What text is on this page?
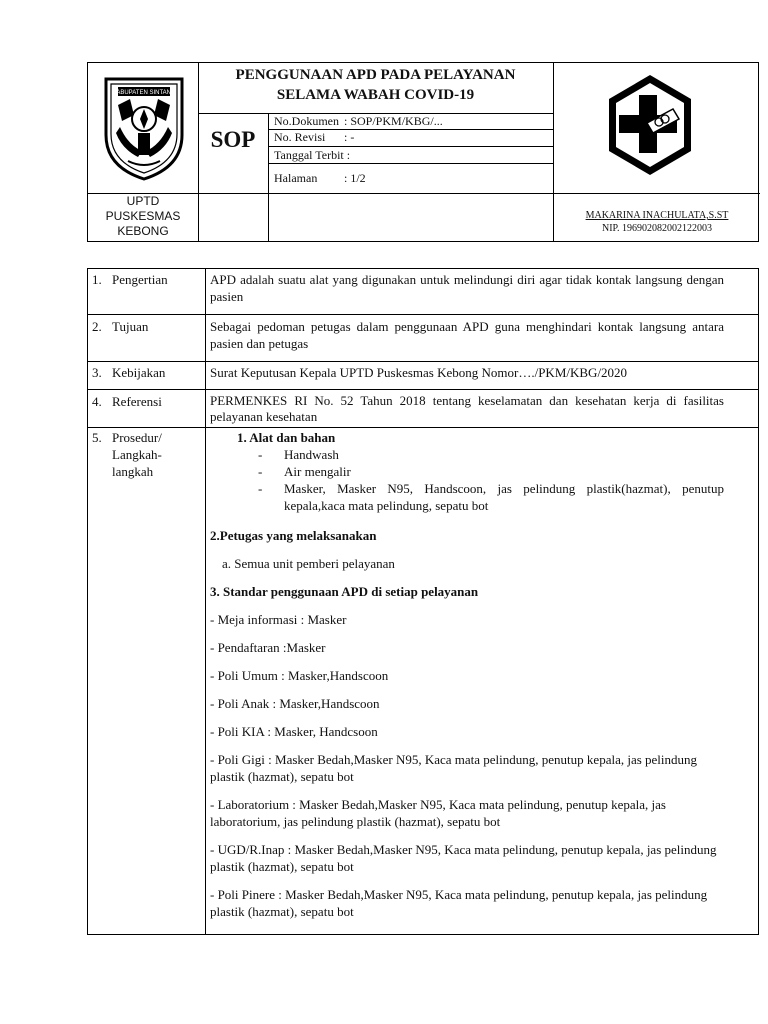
KABUPATEN SINTANG
PENGGUNAAN APD PADA PELAYANAN
SELAMA WABAH COVID-19
SOP
No.Dokumen : SOP/PKM/KBG/...
No. Revisi : -
Tanggal Terbit :
Halaman : 1/2
UPTD
PUSKESMAS
KEBONG
MAKARINA INACHULATA,S.ST
NIP. 196902082002122003
1. Pengertian	APD adalah suatu alat yang digunakan untuk melindungi diri agar tidak kontak langsung dengan pasien
2. Tujuan	Sebagai pedoman petugas dalam penggunaan APD guna menghindari kontak langsung antara pasien dan petugas
3. Kebijakan	Surat Keputusan Kepala UPTD Puskesmas Kebong Nomor…./PKM/KBG/2020
4. Referensi	PERMENKES RI No. 52 Tahun 2018 tentang keselamatan dan kesehatan kerja di fasilitas pelayanan kesehatan
5. Prosedur/
Langkah-
langkah
1. Alat dan bahan
-	Handwash
-	Air mengalir
-	Masker, Masker N95, Handscoon, jas pelindung plastik(hazmat), penutup kepala,kaca mata pelindung, sepatu bot
2.Petugas yang melaksanakan
a. Semua unit pemberi pelayanan
3. Standar penggunaan APD di setiap pelayanan
- Meja informasi : Masker
- Pendaftaran :Masker
- Poli Umum : Masker,Handscoon
- Poli Anak : Masker,Handscoon
- Poli KIA : Masker, Handcsoon
- Poli Gigi : Masker Bedah,Masker N95, Kaca mata pelindung, penutup kepala, jas pelindung plastik (hazmat), sepatu bot
- Laboratorium : Masker Bedah,Masker N95, Kaca mata pelindung, penutup kepala, jas laboratorium, jas pelindung plastik (hazmat), sepatu bot
- UGD/R.Inap : Masker Bedah,Masker N95, Kaca mata pelindung, penutup kepala, jas pelindung plastik (hazmat), sepatu bot
- Poli Pinere : Masker Bedah,Masker N95, Kaca mata pelindung, penutup kepala, jas pelindung plastik (hazmat), sepatu bot
